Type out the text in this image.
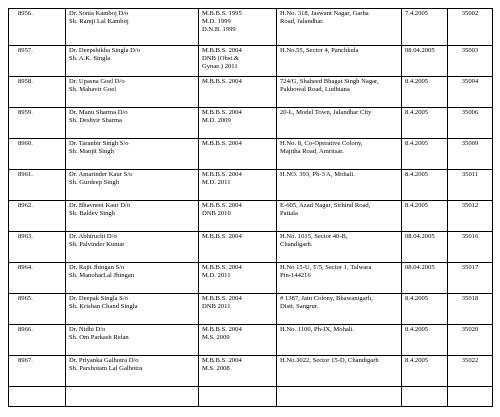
8956.	Dr. Sonia Kamboj D/o
Sh. Ramji Lal Kamboj	M.B.B.S. 1995
M.D. 1999
D.N.B. 1999	H.No. 318, Jaswant Nagar, Garha
Road, Jalandhar.	7.4.2005	35002	
8957.	Dr. Deepshikha Singla D/o
Sh. A.K. Singla	M.B.B.S. 2004
DNB (Obst.&
Gynae.) 2011	H.No.55, Sector 4, Panchkula	08.04.2005	35003	
8958.	Dr. Upasna Goel D/o
Sh. Mahavir Goel	M.B.B.S. 2004	724/G, Shaheed Bhagat Singh Nagar,
Pakhowal Road, Ludhiana	8.4.2005	35004	
8959.	Dr. Manu Sharma D/o
Sh. Deshvir Sharma	M.B.B.S. 2004
M.D. 2009	20-L, Model Town, Jalandhar City	8.4.2005	35006	
8960.	Dr. Taranbir Singh S/o
Sh. Manjit Singh	M.B.B.S. 2004	H.No. 8, Co-Operative Colony,
Majitha Road, Amritsar.	8.4.2005	35009	
8961.	Dr. Amarinder Kaur S/o
Sh. Gurdeep Singh	M.B.B.S. 2004
M.D. 2011	H.NO. 393, Ph-3 A, Mohali.	8.4.2005	35011	
8962.	Dr. Bhavneet Kaur D/o
Sh. Baldev Singh	M.B.B.S. 2004
DNB 2010	E-605, Azad Nagar, Sirhind Road,
Patiala	8.4.2005	35012	
8963.	Dr. Abhiruchi D/o
Sh. Palvinder Kumar	M.B.B.S. 2004	H.No. 1015, Sector 40-B,
Chandigarh.	08.04.2005	35016	
8964.	Dr. Rajit Jhingan S/o
Sh. ManoharLal Jhingan	M.B.B.S. 2004
M.D. 2011	H.No 15-U, T/5, Sector 1, Talwara
Pin-144216	08.04.2005	35017	
8965.	Dr. Deepak Singla S/o
Sh. Krishan Chand Singla	M.B.B.S. 2004
DNB 2011	# 1387, Jain Colony, Bhawanigarh,
Distt. Sangrur.	8.4.2005	35018	
8966.	Dr. Nidhi D/o
Sh. Om Parkash Relan	M.B.B.S. 2004
M.S. 2009	H.No. 1100, Ph-IX, Mohali.	8.4.2005	35020	
8967.	Dr. Priyanka Galhotra D/o
Sh. Parshotam Lal Galhotra	M.B.B.S. 2004
M.S. 2008	H.No.3022, Sector 15-D, Chandigarh	8.4.2005	35022	
